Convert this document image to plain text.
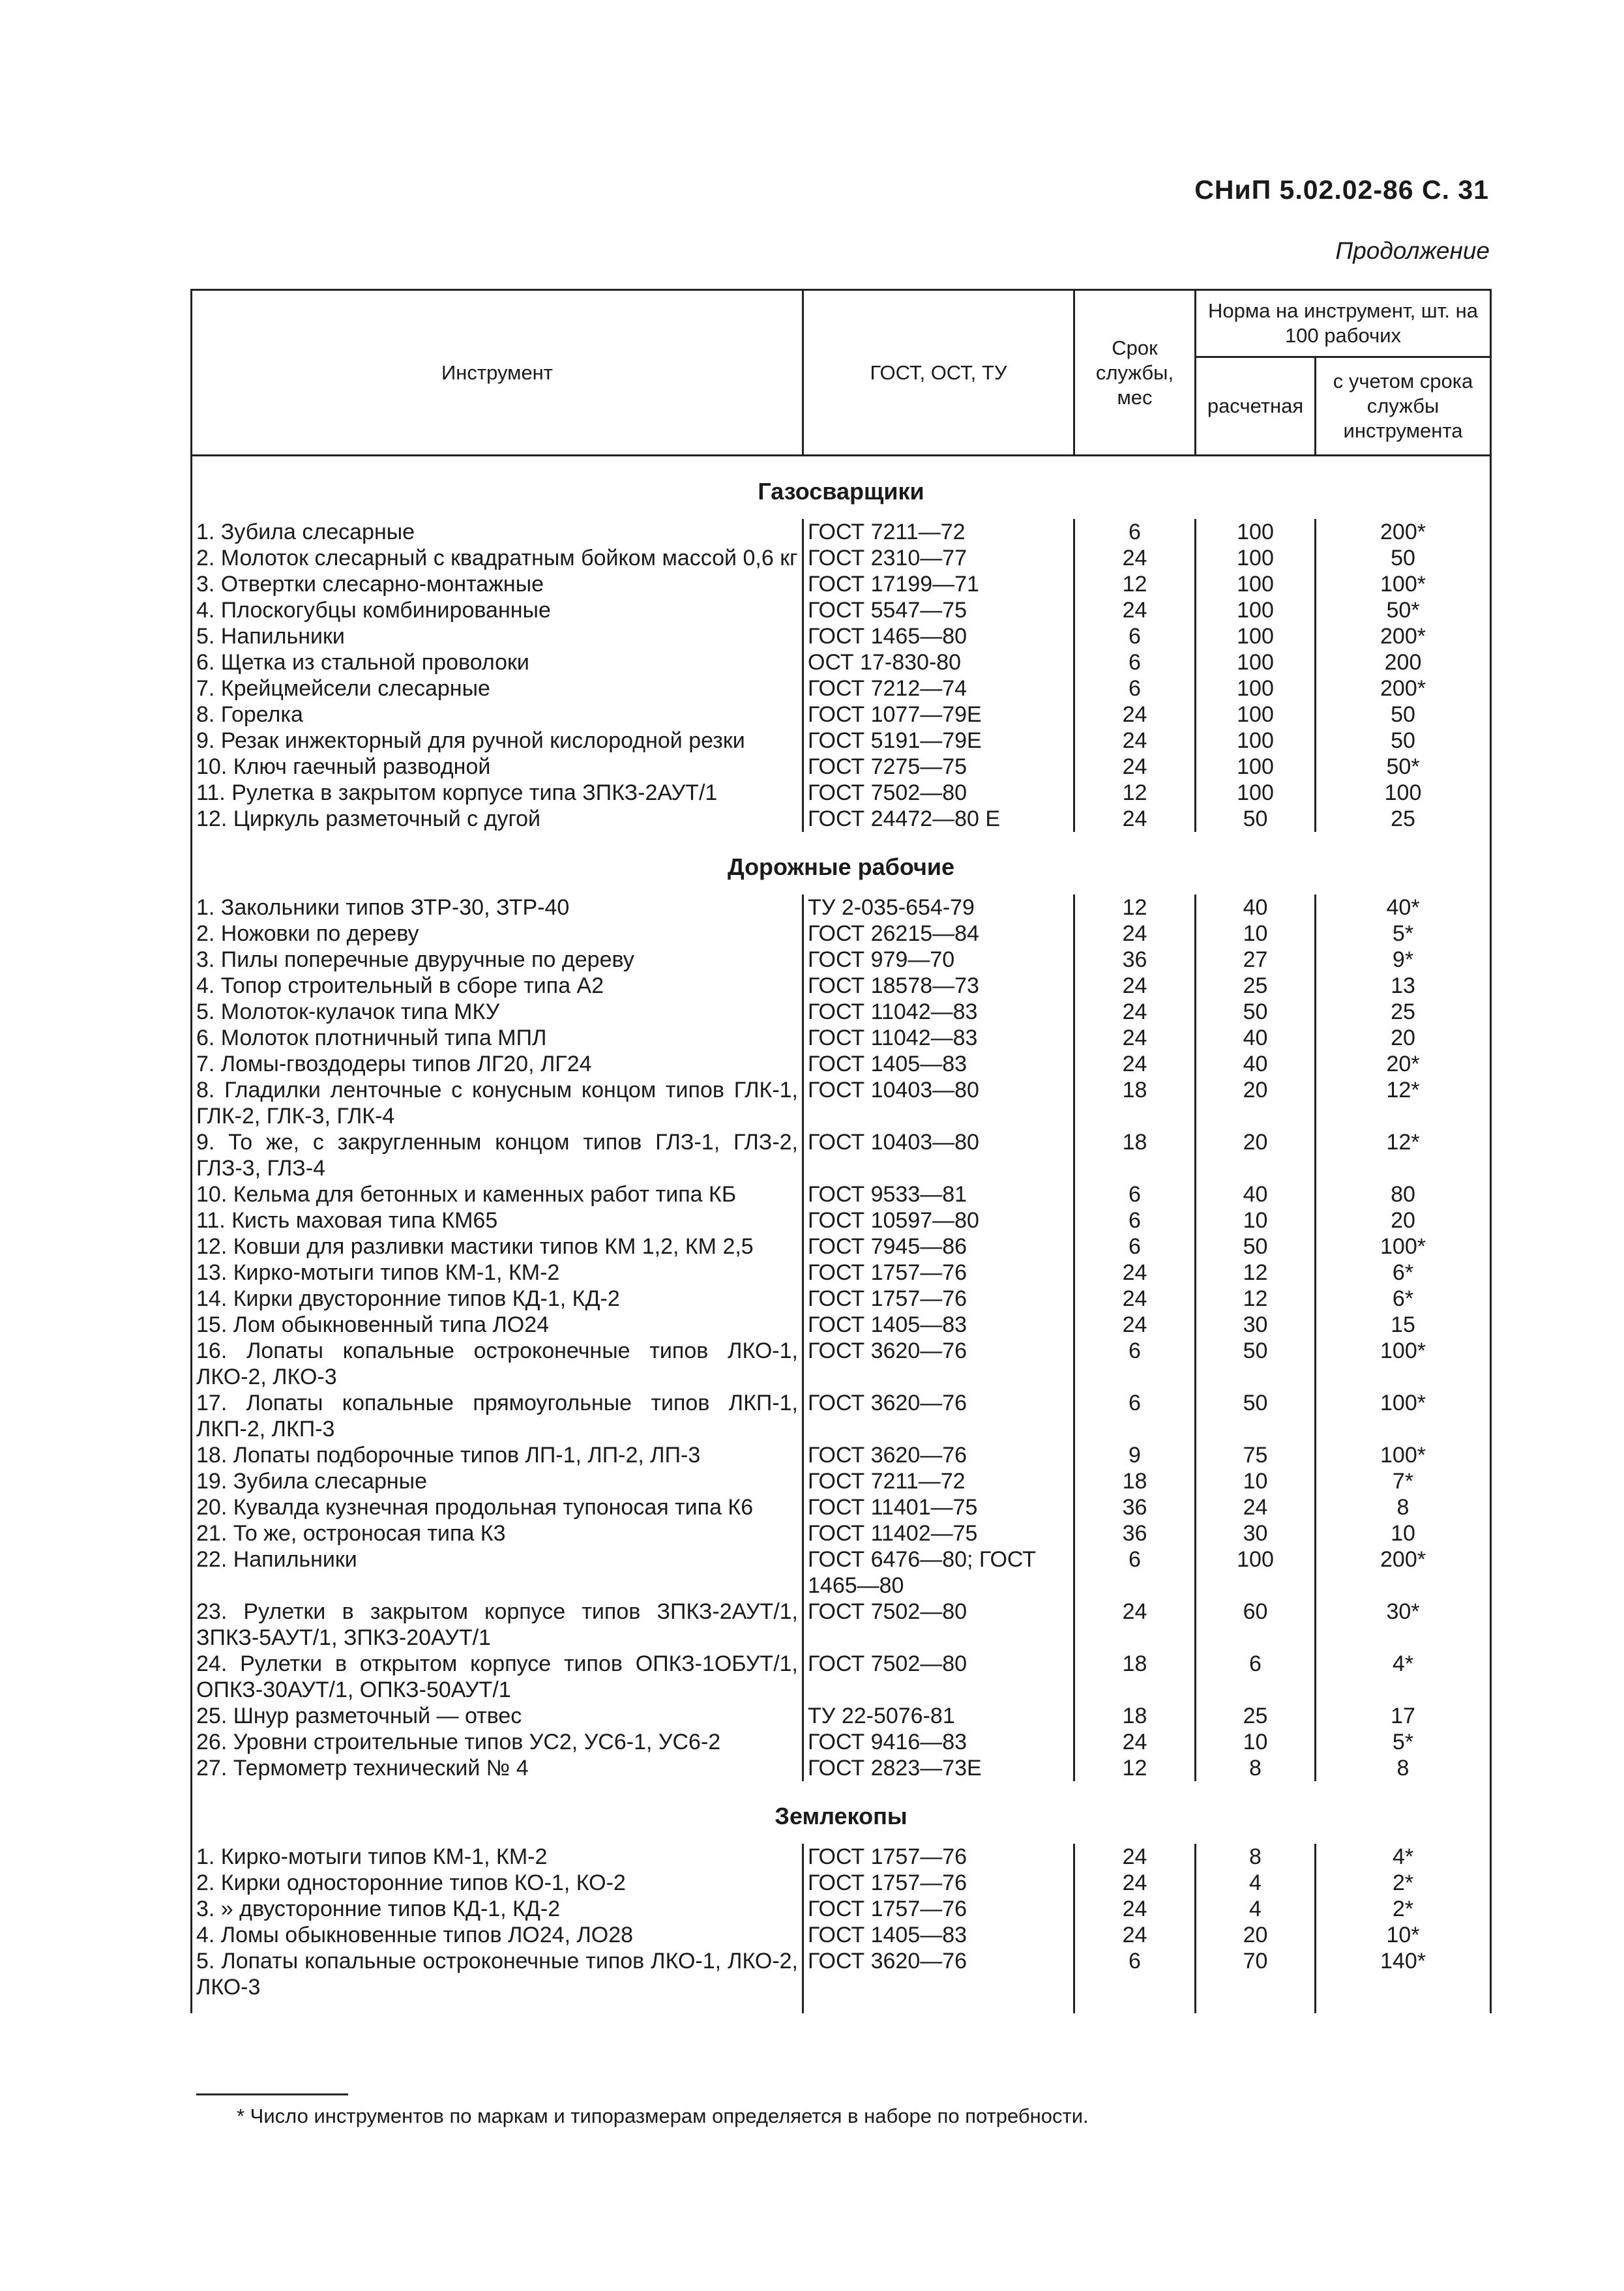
СНиП 5.02.02-86 С. 31
Продолжение
Инструмент	ГОСТ, ОСТ, ТУ	Срок службы, мес	Норма на инструмент, шт. на 100 рабочих	
			расчетная	с учетом срока службы инструмента
Газосварщики				
1. Зубила слесарные	ГОСТ 7211—72	6	100	200*
2. Молоток слесарный с квадратным бойком массой 0,6 кг	ГОСТ 2310—77	24	100	50
3. Отвертки слесарно-монтажные	ГОСТ 17199—71	12	100	100*
4. Плоскогубцы комбинированные	ГОСТ 5547—75	24	100	50*
5. Напильники	ГОСТ 1465—80	6	100	200*
6. Щетка из стальной проволоки	ОСТ 17-830-80	6	100	200
7. Крейцмейсели слесарные	ГОСТ 7212—74	6	100	200*
8. Горелка	ГОСТ 1077—79Е	24	100	50
9. Резак инжекторный для ручной кислородной резки	ГОСТ 5191—79Е	24	100	50
10. Ключ гаечный разводной	ГОСТ 7275—75	24	100	50*
11. Рулетка в закрытом корпусе типа ЗПКЗ-2АУТ/1	ГОСТ 7502—80	12	100	100
12. Циркуль разметочный с дугой	ГОСТ 24472—80 Е	24	50	25
Дорожные рабочие				
1. Закольники типов ЗТР-30, ЗТР-40	ТУ 2-035-654-79	12	40	40*
2. Ножовки по дереву	ГОСТ 26215—84	24	10	5*
3. Пилы поперечные двуручные по дереву	ГОСТ 979—70	36	27	9*
4. Топор строительный в сборе типа А2	ГОСТ 18578—73	24	25	13
5. Молоток-кулачок типа МКУ	ГОСТ 11042—83	24	50	25
6. Молоток плотничный типа МПЛ	ГОСТ 11042—83	24	40	20
7. Ломы-гвоздодеры типов ЛГ20, ЛГ24	ГОСТ 1405—83	24	40	20*
8. Гладилки ленточные с конусным концом типов ГЛК-1, ГЛК-2, ГЛК-3, ГЛК-4	ГОСТ 10403—80	18	20	12*
9. То же, с закругленным концом типов ГЛЗ-1, ГЛЗ-2, ГЛЗ-3, ГЛЗ-4	ГОСТ 10403—80	18	20	12*
10. Кельма для бетонных и каменных работ типа КБ	ГОСТ 9533—81	6	40	80
11. Кисть маховая типа КМ65	ГОСТ 10597—80	6	10	20
12. Ковши для разливки мастики типов КМ 1,2, КМ 2,5	ГОСТ 7945—86	6	50	100*
13. Кирко-мотыги типов КМ-1, КМ-2	ГОСТ 1757—76	24	12	6*
14. Кирки двусторонние типов КД-1, КД-2	ГОСТ 1757—76	24	12	6*
15. Лом обыкновенный типа ЛО24	ГОСТ 1405—83	24	30	15
16. Лопаты копальные остроконечные типов ЛКО-1, ЛКО-2, ЛКО-3	ГОСТ 3620—76	6	50	100*
17. Лопаты копальные прямоугольные типов ЛКП-1, ЛКП-2, ЛКП-3	ГОСТ 3620—76	6	50	100*
18. Лопаты подборочные типов ЛП-1, ЛП-2, ЛП-3	ГОСТ 3620—76	9	75	100*
19. Зубила слесарные	ГОСТ 7211—72	18	10	7*
20. Кувалда кузнечная продольная тупоносая типа К6	ГОСТ 11401—75	36	24	8
21. То же, остроносая типа К3	ГОСТ 11402—75	36	30	10
22. Напильники	ГОСТ 6476—80; ГОСТ 1465—80	6	100	200*
23. Рулетки в закрытом корпусе типов ЗПКЗ-2АУТ/1, ЗПКЗ-5АУТ/1, ЗПКЗ-20АУТ/1	ГОСТ 7502—80	24	60	30*
24. Рулетки в открытом корпусе типов ОПКЗ-1ОБУТ/1, ОПКЗ-30АУТ/1, ОПКЗ-50АУТ/1	ГОСТ 7502—80	18	6	4*
25. Шнур разметочный — отвес	ТУ 22-5076-81	18	25	17
26. Уровни строительные типов УС2, УС6-1, УС6-2	ГОСТ 9416—83	24	10	5*
27. Термометр технический № 4	ГОСТ 2823—73Е	12	8	8
Землекопы				
1. Кирко-мотыги типов КМ-1, КМ-2	ГОСТ 1757—76	24	8	4*
2. Кирки односторонние типов КО-1, КО-2	ГОСТ 1757—76	24	4	2*
3. » двусторонние типов КД-1, КД-2	ГОСТ 1757—76	24	4	2*
4. Ломы обыкновенные типов ЛО24, ЛО28	ГОСТ 1405—83	24	20	10*
5. Лопаты копальные остроконечные типов ЛКО-1, ЛКО-2, ЛКО-3	ГОСТ 3620—76	6	70	140*

* Число инструментов по маркам и типоразмерам определяется в наборе по потребности.
